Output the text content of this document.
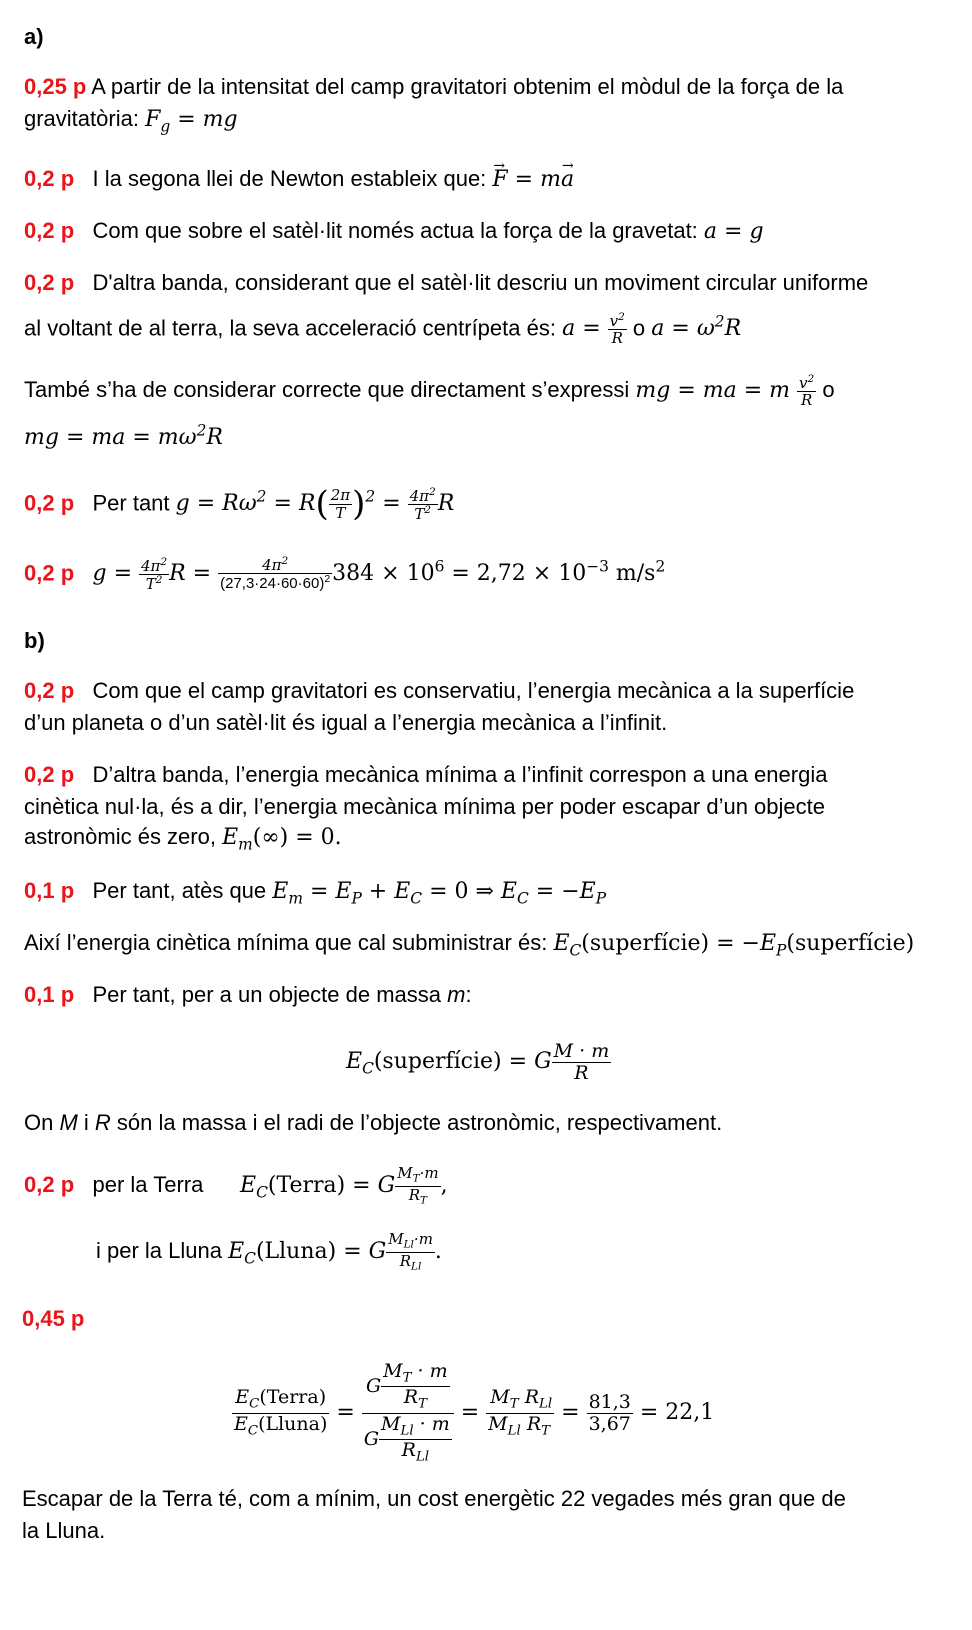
a)
0,25 p A partir de la intensitat del camp gravitatori obtenim el mòdul de la força de la
gravitatòria: $F_g$ = mg
0,2 p I la segona llei de Newton estableix que: → F = m→ a
0,2 p Com que sobre el satèl·lit només actua la força de la gravetat: a = g
0,2 p D'altra banda, considerant que el satèl·lit descriu un moviment circular uniforme
al voltant de al terra, la seva acceleració centrípeta és: $a = \frac{v^2}{R}$ o $a = \omega^2R$
També s’ha de considerar correcte que directament s’expressi mg = ma = m $\frac{v^2}{R}$ o
mg = ma = $m\omega^2R$
0,2 p Per tant $g = R\omega^2 = R( \frac{2\pi}{T} )^2 = \frac{4\pi^2}{T^2}$ R
0,2 p $g = \frac{4\pi^2}{T^2}$ $R = \frac{4\pi^2}{(27,3\cdot 24\cdot 60\cdot 60)^2} 384 \times 10^6 = 2,72 \times 10^{-3}$ $m/s^2$
b)
0,2 p Com que el camp gravitatori es conservatiu, l’energia mecànica a la superfície
d’un planeta o d’un satèl·lit és igual a l’energia mecànica a l’infinit.
0,2 p D’altra banda, l’energia mecànica mínima a l’infinit correspon a una energia
cinètica nul·la, és a dir, l’energia mecànica mínima per poder escapar d’un objecte
astronòmic és zero, $E_m(\infty) = 0$.
0,1 p Per tant, atès que $E_m = E_P + E_C = 0$ ⇒ $E_C = -E_P$
Així l’energia cinètica mínima que cal subministrar és: $E_C(superfície)$ = $-E_P(superfície)$
0,1 p Per tant, per a un objecte de massa m:
$E_C(superfície) = G \frac{M \cdot m}{R}$
On M i R són la massa i el radi de l’objecte astronòmic, respectivament.
0,2 p per la Terra $E_C(Terra) = G \frac{M_T\cdot m}{R_T}$ ,
i per la Lluna $E_C(Lluna) = G$ $M_{Ll}\cdot m$
$R_{Ll}$
.
0,45 p
$E_C(Terra)$
$E_C(Lluna)$ =
G $\frac{M_T \cdot m}{R_T}$
G
$M_{Ll} \cdot m$
$R_{Ll}$
=
$M_T$
$M_{Ll}$
$R_{Ll}$
$R_T$
= $\frac{81,3}{3,67} = 22,1$
Escapar de la Terra té, com a mínim, un cost energètic 22 vegades més gran que de
la Lluna.
